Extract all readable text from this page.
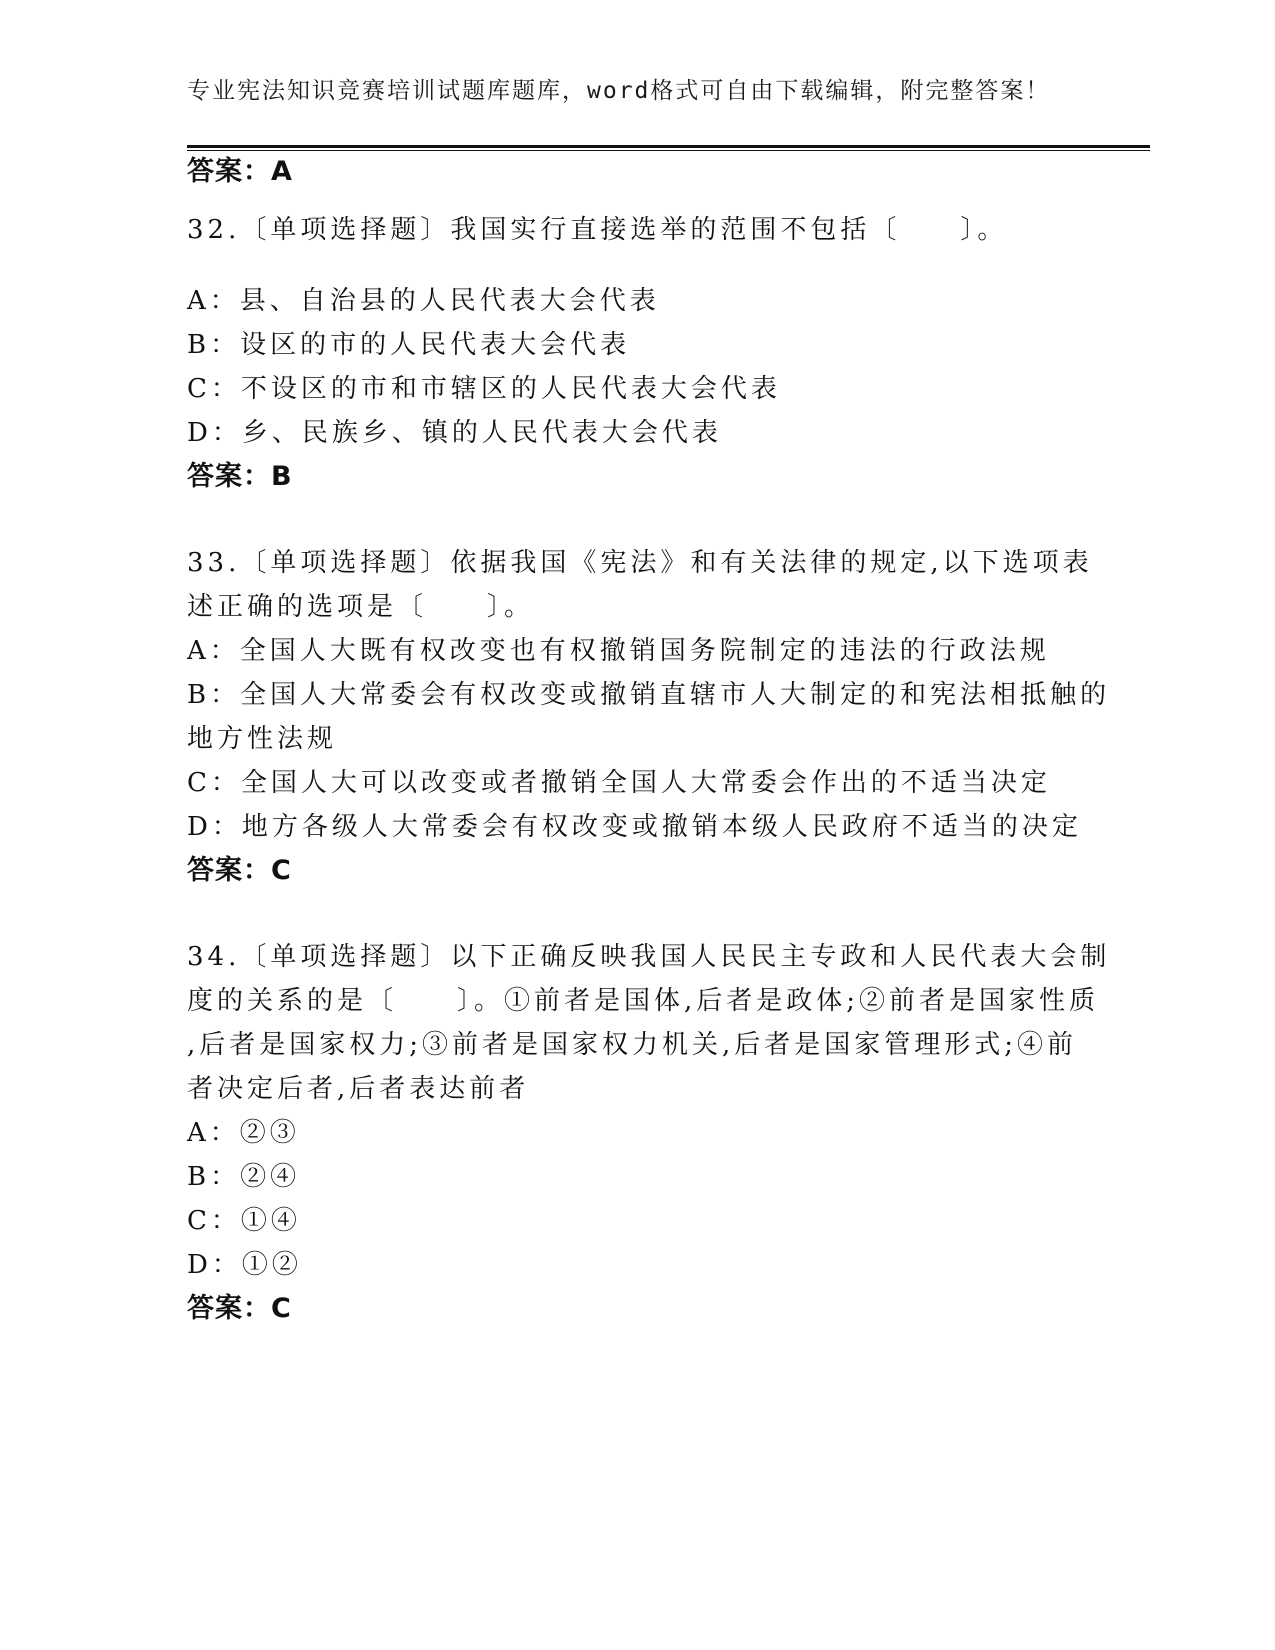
专业宪法知识竞赛培训试题库题库，word格式可自由下载编辑，附完整答案！
答案：A
32.〔单项选择题〕我国实行直接选举的范围不包括〔　　〕。
A：县、自治县的人民代表大会代表
B：设区的市的人民代表大会代表
C：不设区的市和市辖区的人民代表大会代表
D：乡、民族乡、镇的人民代表大会代表
答案：B
33.〔单项选择题〕依据我国《宪法》和有关法律的规定,以下选项表
述正确的选项是〔　　〕。
A：全国人大既有权改变也有权撤销国务院制定的违法的行政法规
B：全国人大常委会有权改变或撤销直辖市人大制定的和宪法相抵触的
地方性法规
C：全国人大可以改变或者撤销全国人大常委会作出的不适当决定
D：地方各级人大常委会有权改变或撤销本级人民政府不适当的决定
答案：C
34.〔单项选择题〕以下正确反映我国人民民主专政和人民代表大会制
度的关系的是〔　　〕。①前者是国体,后者是政体;②前者是国家性质
,后者是国家权力;③前者是国家权力机关,后者是国家管理形式;④前
者决定后者,后者表达前者
A：②③
B：②④
C：①④
D：①②
答案：C
